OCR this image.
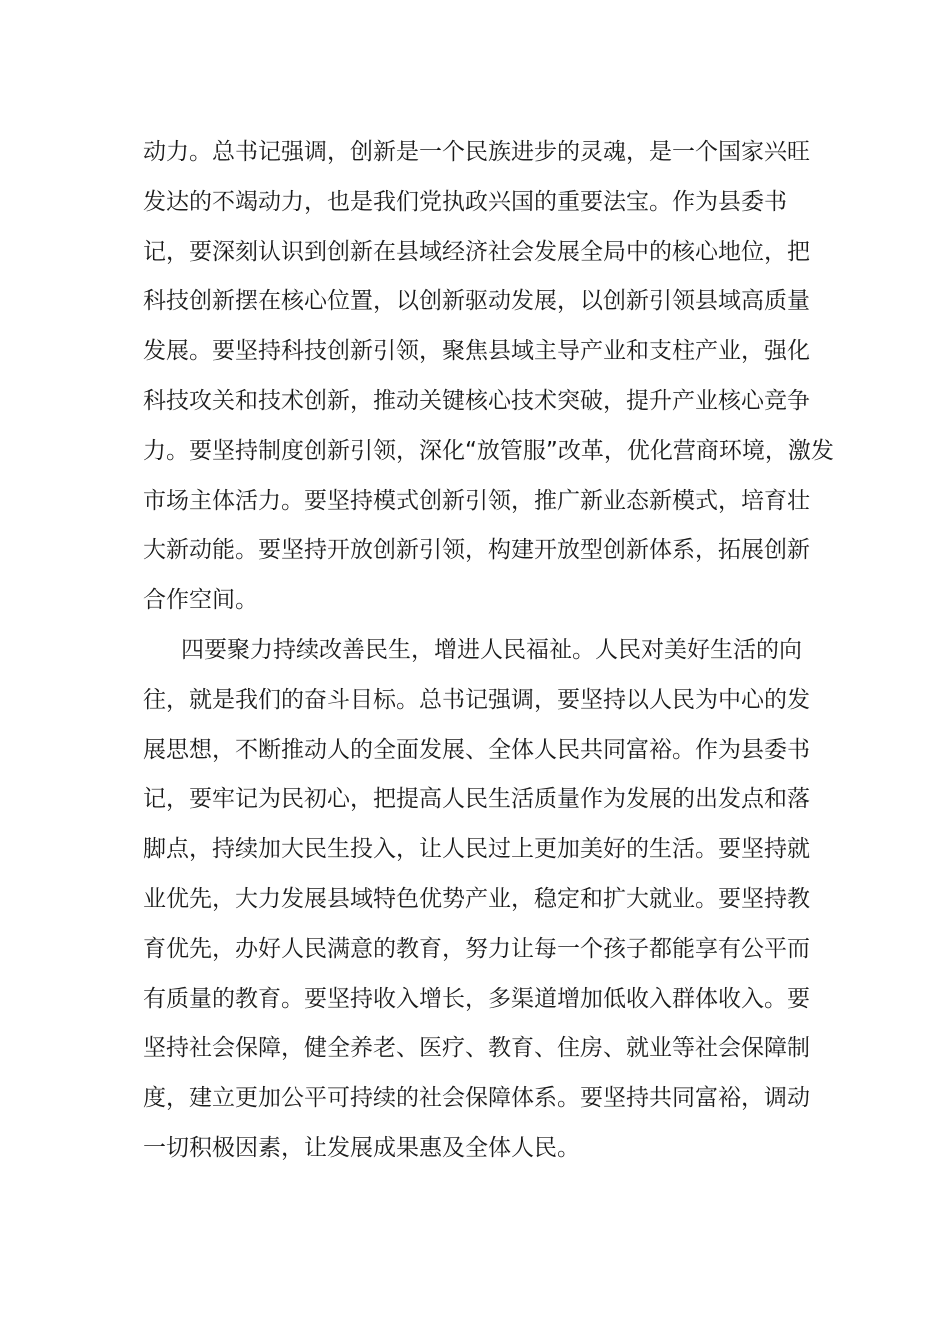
动力。总书记强调，创新是一个民族进步的灵魂，是一个国家兴旺
发达的不竭动力，也是我们党执政兴国的重要法宝。作为县委书
记，要深刻认识到创新在县域经济社会发展全局中的核心地位，把
科技创新摆在核心位置，以创新驱动发展，以创新引领县域高质量
发展。要坚持科技创新引领，聚焦县域主导产业和支柱产业，强化
科技攻关和技术创新，推动关键核心技术突破，提升产业核心竞争
力。要坚持制度创新引领，深化“放管服”改革，优化营商环境，激发
市场主体活力。要坚持模式创新引领，推广新业态新模式，培育壮
大新动能。要坚持开放创新引领，构建开放型创新体系，拓展创新
合作空间。
四要聚力持续改善民生，增进人民福祉。人民对美好生活的向
往，就是我们的奋斗目标。总书记强调，要坚持以人民为中心的发
展思想，不断推动人的全面发展、全体人民共同富裕。作为县委书
记，要牢记为民初心，把提高人民生活质量作为发展的出发点和落
脚点，持续加大民生投入，让人民过上更加美好的生活。要坚持就
业优先，大力发展县域特色优势产业，稳定和扩大就业。要坚持教
育优先，办好人民满意的教育，努力让每一个孩子都能享有公平而
有质量的教育。要坚持收入增长，多渠道增加低收入群体收入。要
坚持社会保障，健全养老、医疗、教育、住房、就业等社会保障制
度，建立更加公平可持续的社会保障体系。要坚持共同富裕，调动
一切积极因素，让发展成果惠及全体人民。
